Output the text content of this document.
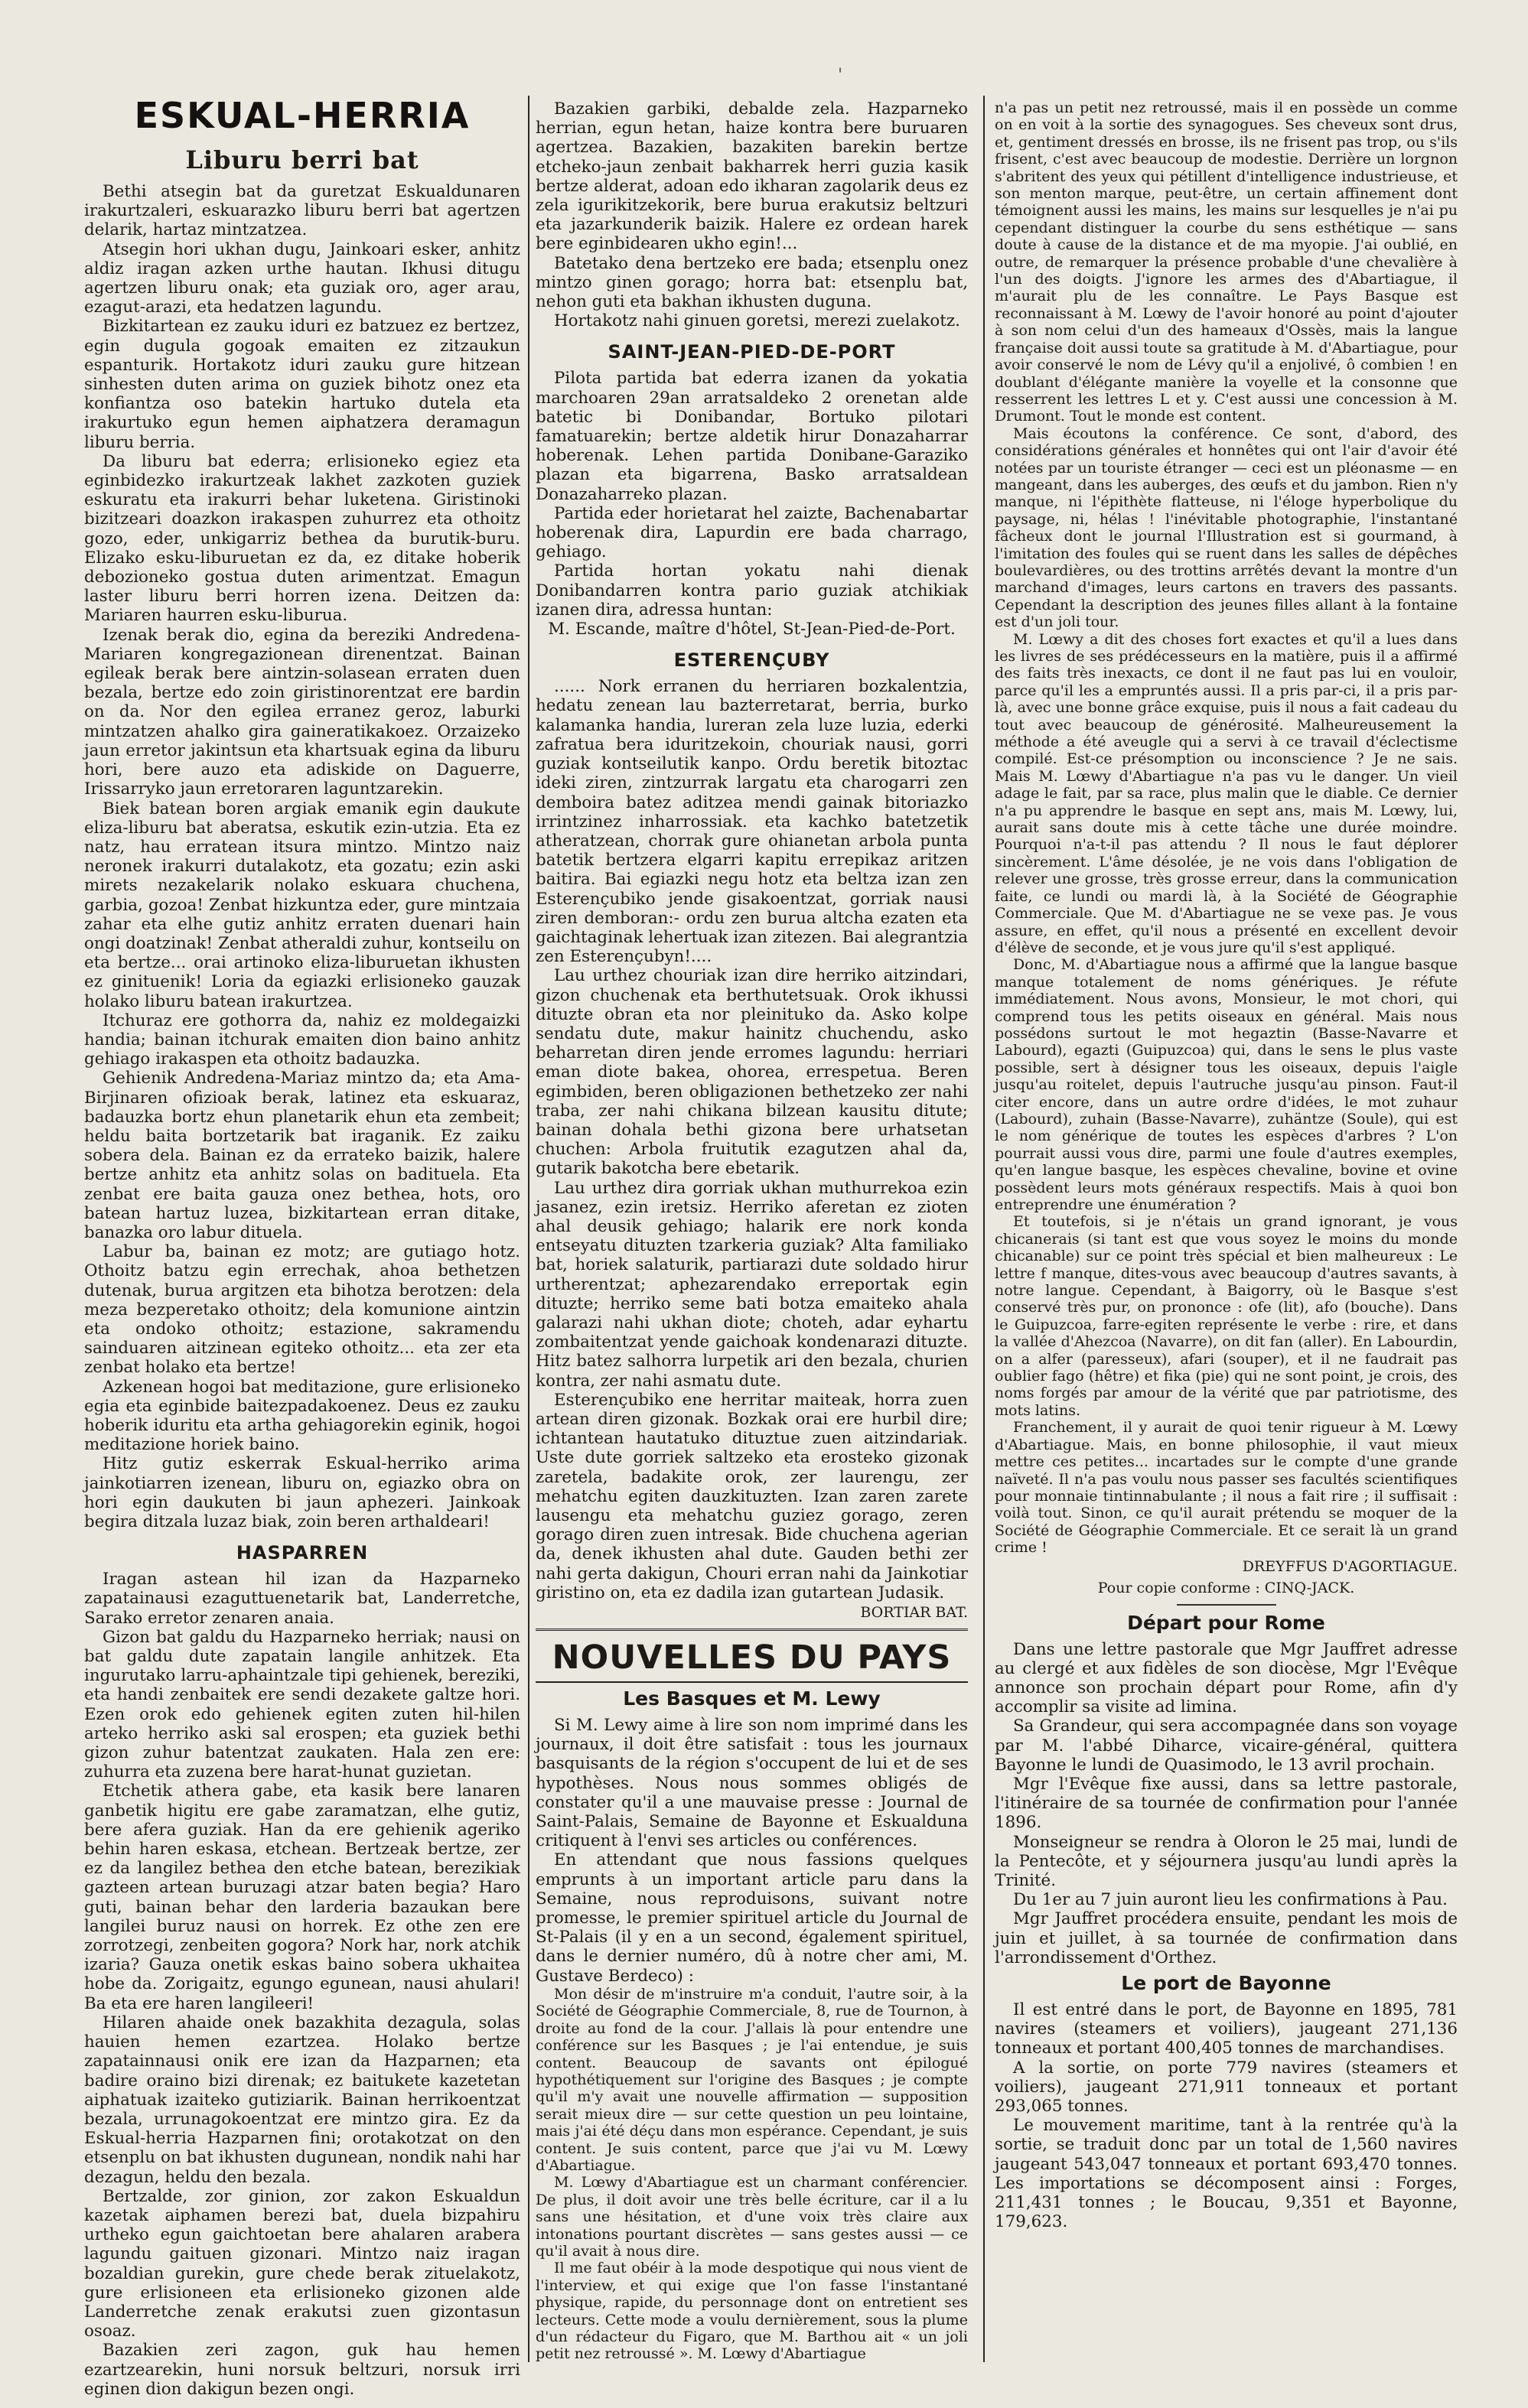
'
ESKUAL-HERRIA
Liburu berri bat

Bethi atsegin bat da guretzat Eskualdunaren irakurtzaleri, eskuarazko liburu berri bat agertzen delarik, hartaz mintzatzea.

Atsegin hori ukhan dugu, Jainkoari esker, anhitz aldiz iragan azken urthe hautan. Ikhusi ditugu agertzen liburu onak; eta guziak oro, ager arau, ezagut-arazi, eta hedatzen lagundu.

Bizkitartean ez zauku iduri ez batzuez ez bertzez, egin dugula gogoak emaiten ez zitzaukun espanturik. Hortakotz iduri zauku gure hitzean sinhesten duten arima on guziek bihotz onez eta konfiantza oso batekin hartuko dutela eta irakurtuko egun hemen aiphatzera deramagun liburu berria.

Da liburu bat ederra; erlisioneko egiez eta eginbidezko irakurtzeak lakhet zazkoten guziek eskuratu eta irakurri behar luketena. Giristinoki bizitzeari doazkon irakaspen zuhurrez eta othoitz gozo, eder, unkigarriz bethea da burutik-buru. Elizako esku-liburuetan ez da, ez ditake hoberik debozioneko gostua duten arimentzat. Emagun laster liburu berri horren izena. Deitzen da: Mariaren haurren esku-liburua.

Izenak berak dio, egina da bereziki Andredena-Mariaren kongregazionean direnentzat. Bainan egileak berak bere aintzin-solasean erraten duen bezala, bertze edo zoin giristinorentzat ere bardin on da. Nor den egilea erranez geroz, laburki mintzatzen ahalko gira gaineratikakoez. Orzaizeko jaun erretor jakintsun eta khartsuak egina da liburu hori, bere auzo eta adiskide on Daguerre, Irissarryko jaun erretoraren laguntzarekin.

Biek batean boren argiak emanik egin daukute eliza-liburu bat aberatsa, eskutik ezin-utzia. Eta ez natz, hau erratean itsura mintzo. Mintzo naiz neronek irakurri dutalakotz, eta gozatu; ezin aski mirets nezakelarik nolako eskuara chuchena, garbia, gozoa! Zenbat hizkuntza eder, gure mintzaia zahar eta elhe gutiz anhitz erraten duenari hain ongi doatzinak! Zenbat atheraldi zuhur, kontseilu on eta bertze... orai artinoko eliza-liburuetan ikhusten ez ginituenik! Loria da egiazki erlisioneko gauzak holako liburu batean irakurtzea.

Itchuraz ere gothorra da, nahiz ez moldegaizki handia; bainan itchurak emaiten dion baino anhitz gehiago irakaspen eta othoitz badauzka.

Gehienik Andredena-Mariaz mintzo da; eta Ama-Birjinaren ofizioak berak, latinez eta eskuaraz, badauzka bortz ehun planetarik ehun eta zembeit; heldu baita bortzetarik bat iraganik. Ez zaiku sobera dela. Bainan ez da errateko baizik, halere bertze anhitz eta anhitz solas on badituela. Eta zenbat ere baita gauza onez bethea, hots, oro batean hartuz luzea, bizkitartean erran ditake, banazka oro labur dituela.

Labur ba, bainan ez motz; are gutiago hotz. Othoitz batzu egin errechak, ahoa bethetzen dutenak, burua argitzen eta bihotza berotzen: dela meza bezperetako othoitz; dela komunione aintzin eta ondoko othoitz; estazione, sakramendu sainduaren aitzinean egiteko othoitz... eta zer eta zenbat holako eta bertze!

Azkenean hogoi bat meditazione, gure erlisioneko egia eta eginbide baitezpadakoenez. Deus ez zauku hoberik iduritu eta artha gehiagorekin eginik, hogoi meditazione horiek baino.

Hitz gutiz eskerrak Eskual-herriko arima jainkotiarren izenean, liburu on, egiazko obra on hori egin daukuten bi jaun aphezeri. Jainkoak begira ditzala luzaz biak, zoin beren arthaldeari!

HASPARREN

Iragan astean hil izan da Hazparneko zapatainausi ezaguttuenetarik bat, Landerretche, Sarako erretor zenaren anaia.

Gizon bat galdu du Hazparneko herriak; nausi on bat galdu dute zapatain langile anhitzek. Eta ingurutako larru-aphaintzale tipi gehienek, bereziki, eta handi zenbaitek ere sendi dezakete galtze hori. Ezen orok edo gehienek egiten zuten hil-hilen arteko herriko aski sal erospen; eta guziek bethi gizon zuhur batentzat zaukaten. Hala zen ere: zuhurra eta zuzena bere harat-hunat guzietan.

Etchetik athera gabe, eta kasik bere lanaren ganbetik higitu ere gabe zaramatzan, elhe gutiz, bere afera guziak. Han da ere gehienik ageriko behin haren eskasa, etchean. Bertzeak bertze, zer ez da langilez bethea den etche batean, berezikiak gazteen artean buruzagi atzar baten begia? Haro guti, bainan behar den larderia bazaukan bere langilei buruz nausi on horrek. Ez othe zen ere zorrotzegi, zenbeiten gogora? Nork har, nork atchik izaria? Gauza onetik eskas baino sobera ukhaitea hobe da. Zorigaitz, egungo egunean, nausi ahulari! Ba eta ere haren langileeri!

Hilaren ahaide onek bazakhita dezagula, solas hauien hemen ezartzea. Holako bertze zapatainnausi onik ere izan da Hazparnen; eta badire oraino bizi direnak; ez baitukete kazetetan aiphatuak izaiteko gutiziarik. Bainan herrikoentzat bezala, urrunagokoentzat ere mintzo gira. Ez da Eskual-herria Hazparnen fini; orotakotzat on den etsenplu on bat ikhusten dugunean, nondik nahi har dezagun, heldu den bezala.

Bertzalde, zor ginion, zor zakon Eskualdun kazetak aiphamen berezi bat, duela bizpahiru urtheko egun gaichtoetan bere ahalaren arabera lagundu gaituen gizonari. Mintzo naiz iragan bozaldian gurekin, gure chede berak zituelakotz, gure erlisioneen eta erlisioneko gizonen alde Landerretche zenak erakutsi zuen gizontasun osoaz.

Bazakien zeri zagon, guk hau hemen ezartzearekin, huni norsuk beltzuri, norsuk irri eginen dion dakigun bezen ongi.

Bazakien garbiki, debalde zela. Hazparneko herrian, egun hetan, haize kontra bere buruaren agertzea. Bazakien, bazakiten barekin bertze etcheko-jaun zenbait bakharrek herri guzia kasik bertze alderat, adoan edo ikharan zagolarik deus ez zela igurikitzekorik, bere burua erakutsiz beltzuri eta jazarkunderik baizik. Halere ez ordean harek bere eginbidearen ukho egin!...

Batetako dena bertzeko ere bada; etsenplu onez mintzo ginen gorago; horra bat: etsenplu bat, nehon guti eta bakhan ikhusten duguna.

Hortakotz nahi ginuen goretsi, merezi zuelakotz.

SAINT-JEAN-PIED-DE-PORT

Pilota partida bat ederra izanen da yokatia marchoaren 29an arratsaldeko 2 orenetan alde batetic bi Donibandar, Bortuko pilotari famatuarekin; bertze aldetik hirur Donazaharrar hoberenak. Lehen partida Donibane-Garaziko plazan eta bigarrena, Basko arratsaldean Donazaharreko plazan.

Partida eder horietarat hel zaizte, Bachenabartar hoberenak dira, Lapurdin ere bada charrago, gehiago.

Partida hortan yokatu nahi dienak Donibandarren kontra pario guziak atchikiak izanen dira, adressa huntan:

M. Escande, maître d'hôtel, St-Jean-Pied-de-Port.

ESTERENÇUBY

...... Nork erranen du herriaren bozkalentzia, hedatu zenean lau bazterretarat, berria, burko kalamanka handia, lureran zela luze luzia, ederki zafratua bera iduritzekoin, chouriak nausi, gorri guziak kontseilutik kanpo. Ordu beretik bitoztac ideki ziren, zintzurrak largatu eta charogarri zen demboira batez aditzea mendi gainak bitoriazko irrintzinez inharrossiak. eta kachko batetzetik atheratzean, chorrak gure ohianetan arbola punta batetik bertzera elgarri kapitu errepikaz aritzen baitira. Bai egiazki negu hotz eta beltza izan zen Esterençubiko jende gisakoentzat, gorriak nausi ziren demboran:- ordu zen burua altcha ezaten eta gaichtaginak lehertuak izan zitezen. Bai alegrantzia zen Esterençubyn!....

Lau urthez chouriak izan dire herriko aitzindari, gizon chuchenak eta berthutetsuak. Orok ikhussi dituzte obran eta nor pleinituko da. Asko kolpe sendatu dute, makur hainitz chuchendu, asko beharretan diren jende erromes lagundu: herriari eman diote bakea, ohorea, errespetua. Beren egimbiden, beren obligazionen bethetzeko zer nahi traba, zer nahi chikana bilzean kausitu ditute; bainan dohala bethi gizona bere urhatsetan chuchen: Arbola fruitutik ezagutzen ahal da, gutarik bakotcha bere ebetarik.

Lau urthez dira gorriak ukhan muthurrekoa ezin jasanez, ezin iretsiz. Herriko aferetan ez zioten ahal deusik gehiago; halarik ere nork konda entseyatu dituzten tzarkeria guziak? Alta familiako bat, horiek salaturik, partiarazi dute soldado hirur urtherentzat; aphezarendako erreportak egin dituzte; herriko seme bati botza emaiteko ahala galarazi nahi ukhan diote; choteh, adar eyhartu zombaitentzat yende gaichoak kondenarazi dituzte. Hitz batez salhorra lurpetik ari den bezala, churien kontra, zer nahi asmatu dute.

Esterençubiko ene herritar maiteak, horra zuen artean diren gizonak. Bozkak orai ere hurbil dire; ichtantean hautatuko dituztue zuen aitzindariak. Uste dute gorriek saltzeko eta erosteko gizonak zaretela, badakite orok, zer laurengu, zer mehatchu egiten dauzkituzten. Izan zaren zarete lausengu eta mehatchu guziez gorago, zeren gorago diren zuen intresak. Bide chuchena agerian da, denek ikhusten ahal dute. Gauden bethi zer nahi gerta dakigun, Chouri erran nahi da Jainkotiar giristino on, eta ez dadila izan gutartean Judasik.

BORTIAR BAT.
NOUVELLES DU PAYS
Les Basques et M. Lewy

Si M. Lewy aime à lire son nom imprimé dans les journaux, il doit être satisfait : tous les journaux basquisants de la région s'occupent de lui et de ses hypothèses. Nous nous sommes obligés de constater qu'il a une mauvaise presse : Journal de Saint-Palais, Semaine de Bayonne et Eskualduna critiquent à l'envi ses articles ou conférences.

En attendant que nous fassions quelques emprunts à un important article paru dans la Semaine, nous reproduisons, suivant notre promesse, le premier spirituel article du Journal de St-Palais (il y en a un second, également spirituel, dans le dernier numéro, dû à notre cher ami, M. Gustave Berdeco) :

Mon désir de m'instruire m'a conduit, l'autre soir, à la Société de Géographie Commerciale, 8, rue de Tournon, à droite au fond de la cour. J'allais là pour entendre une conférence sur les Basques ; je l'ai entendue, je suis content. Beaucoup de savants ont épilogué hypothétiquement sur l'origine des Basques ; je compte qu'il m'y avait une nouvelle affirmation — supposition serait mieux dire — sur cette question un peu lointaine, mais j'ai été déçu dans mon espérance. Cependant, je suis content. Je suis content, parce que j'ai vu M. Lœwy d'Abartiague.

M. Lœwy d'Abartiague est un charmant conférencier. De plus, il doit avoir une très belle écriture, car il a lu sans une hésitation, et d'une voix très claire aux intonations pourtant discrètes — sans gestes aussi — ce qu'il avait à nous dire.

Il me faut obéir à la mode despotique qui nous vient de l'interview, et qui exige que l'on fasse l'instantané physique, rapide, du personnage dont on entretient ses lecteurs. Cette mode a voulu dernièrement, sous la plume d'un rédacteur du Figaro, que M. Barthou ait « un joli petit nez retroussé ». M. Lœwy d'Abartiague

n'a pas un petit nez retroussé, mais il en possède un comme on en voit à la sortie des synagogues. Ses cheveux sont drus, et, gentiment dressés en brosse, ils ne frisent pas trop, ou s'ils frisent, c'est avec beaucoup de modestie. Derrière un lorgnon s'abritent des yeux qui pétillent d'intelligence industrieuse, et son menton marque, peut-être, un certain affinement dont témoignent aussi les mains, les mains sur lesquelles je n'ai pu cependant distinguer la courbe du sens esthétique — sans doute à cause de la distance et de ma myopie. J'ai oublié, en outre, de remarquer la présence probable d'une chevalière à l'un des doigts. J'ignore les armes des d'Abartiague, il m'aurait plu de les connaître. Le Pays Basque est reconnaissant à M. Lœwy de l'avoir honoré au point d'ajouter à son nom celui d'un des hameaux d'Ossès, mais la langue française doit aussi toute sa gratitude à M. d'Abartiague, pour avoir conservé le nom de Lévy qu'il a enjolivé, ô combien ! en doublant d'élégante manière la voyelle et la consonne que resserrent les lettres L et y. C'est aussi une concession à M. Drumont. Tout le monde est content.

Mais écoutons la conférence. Ce sont, d'abord, des considérations générales et honnêtes qui ont l'air d'avoir été notées par un touriste étranger — ceci est un pléonasme — en mangeant, dans les auberges, des œufs et du jambon. Rien n'y manque, ni l'épithète flatteuse, ni l'éloge hyperbolique du paysage, ni, hélas ! l'inévitable photographie, l'instantané fâcheux dont le journal l'Illustration est si gourmand, à l'imitation des foules qui se ruent dans les salles de dépêches boulevardières, ou des trottins arrêtés devant la montre d'un marchand d'images, leurs cartons en travers des passants. Cependant la description des jeunes filles allant à la fontaine est d'un joli tour.

M. Lœwy a dit des choses fort exactes et qu'il a lues dans les livres de ses prédécesseurs en la matière, puis il a affirmé des faits très inexacts, ce dont il ne faut pas lui en vouloir, parce qu'il les a empruntés aussi. Il a pris par-ci, il a pris par-là, avec une bonne grâce exquise, puis il nous a fait cadeau du tout avec beaucoup de générosité. Malheureusement la méthode a été aveugle qui a servi à ce travail d'éclectisme compilé. Est-ce présomption ou inconscience ? Je ne sais. Mais M. Lœwy d'Abartiague n'a pas vu le danger. Un vieil adage le fait, par sa race, plus malin que le diable. Ce dernier n'a pu apprendre le basque en sept ans, mais M. Lœwy, lui, aurait sans doute mis à cette tâche une durée moindre. Pourquoi n'a-t-il pas attendu ? Il nous le faut déplorer sincèrement. L'âme désolée, je ne vois dans l'obligation de relever une grosse, très grosse erreur, dans la communication faite, ce lundi ou mardi là, à la Société de Géographie Commerciale. Que M. d'Abartiague ne se vexe pas. Je vous assure, en effet, qu'il nous a présenté en excellent devoir d'élève de seconde, et je vous jure qu'il s'est appliqué.

Donc, M. d'Abartiague nous a affirmé que la langue basque manque totalement de noms génériques. Je réfute immédiatement. Nous avons, Monsieur, le mot chori, qui comprend tous les petits oiseaux en général. Mais nous possédons surtout le mot hegaztin (Basse-Navarre et Labourd), egazti (Guipuzcoa) qui, dans le sens le plus vaste possible, sert à désigner tous les oiseaux, depuis l'aigle jusqu'au roitelet, depuis l'autruche jusqu'au pinson. Faut-il citer encore, dans un autre ordre d'idées, le mot zuhaur (Labourd), zuhain (Basse-Navarre), zuhäntze (Soule), qui est le nom générique de toutes les espèces d'arbres ? L'on pourrait aussi vous dire, parmi une foule d'autres exemples, qu'en langue basque, les espèces chevaline, bovine et ovine possèdent leurs mots généraux respectifs. Mais à quoi bon entreprendre une énumération ?

Et toutefois, si je n'étais un grand ignorant, je vous chicanerais (si tant est que vous soyez le moins du monde chicanable) sur ce point très spécial et bien malheureux : Le lettre f manque, dites-vous avec beaucoup d'autres savants, à notre langue. Cependant, à Baigorry, où le Basque s'est conservé très pur, on prononce : ofe (lit), afo (bouche). Dans le Guipuzcoa, farre-egiten représente le verbe : rire, et dans la vallée d'Ahezcoa (Navarre), on dit fan (aller). En Labourdin, on a alfer (paresseux), afari (souper), et il ne faudrait pas oublier fago (hêtre) et fika (pie) qui ne sont point, je crois, des noms forgés par amour de la vérité que par patriotisme, des mots latins.

Franchement, il y aurait de quoi tenir rigueur à M. Lœwy d'Abartiague. Mais, en bonne philosophie, il vaut mieux mettre ces petites... incartades sur le compte d'une grande naïveté. Il n'a pas voulu nous passer ses facultés scientifiques pour monnaie tintinnabulante ; il nous a fait rire ; il suffisait : voilà tout. Sinon, ce qu'il aurait prétendu se moquer de la Société de Géographie Commerciale. Et ce serait là un grand crime !

DREYFFUS D'AGORTIAGUE.
Pour copie conforme : CINQ-JACK.
Départ pour Rome

Dans une lettre pastorale que Mgr Jauffret adresse au clergé et aux fidèles de son diocèse, Mgr l'Evêque annonce son prochain départ pour Rome, afin d'y accomplir sa visite ad limina.

Sa Grandeur, qui sera accompagnée dans son voyage par M. l'abbé Diharce, vicaire-général, quittera Bayonne le lundi de Quasimodo, le 13 avril prochain.

Mgr l'Evêque fixe aussi, dans sa lettre pastorale, l'itinéraire de sa tournée de confirmation pour l'année 1896.

Monseigneur se rendra à Oloron le 25 mai, lundi de la Pentecôte, et y séjournera jusqu'au lundi après la Trinité.

Du 1er au 7 juin auront lieu les confirmations à Pau.

Mgr Jauffret procédera ensuite, pendant les mois de juin et juillet, à sa tournée de confirmation dans l'arrondissement d'Orthez.

Le port de Bayonne

Il est entré dans le port, de Bayonne en 1895, 781 navires (steamers et voiliers), jaugeant 271,136 tonneaux et portant 400,405 tonnes de marchandises.

A la sortie, on porte 779 navires (steamers et voiliers), jaugeant 271,911 tonneaux et portant 293,065 tonnes.

Le mouvement maritime, tant à la rentrée qu'à la sortie, se traduit donc par un total de 1,560 navires jaugeant 543,047 tonneaux et portant 693,470 tonnes. Les importations se décomposent ainsi : Forges, 211,431 tonnes ; le Boucau, 9,351 et Bayonne, 179,623.
